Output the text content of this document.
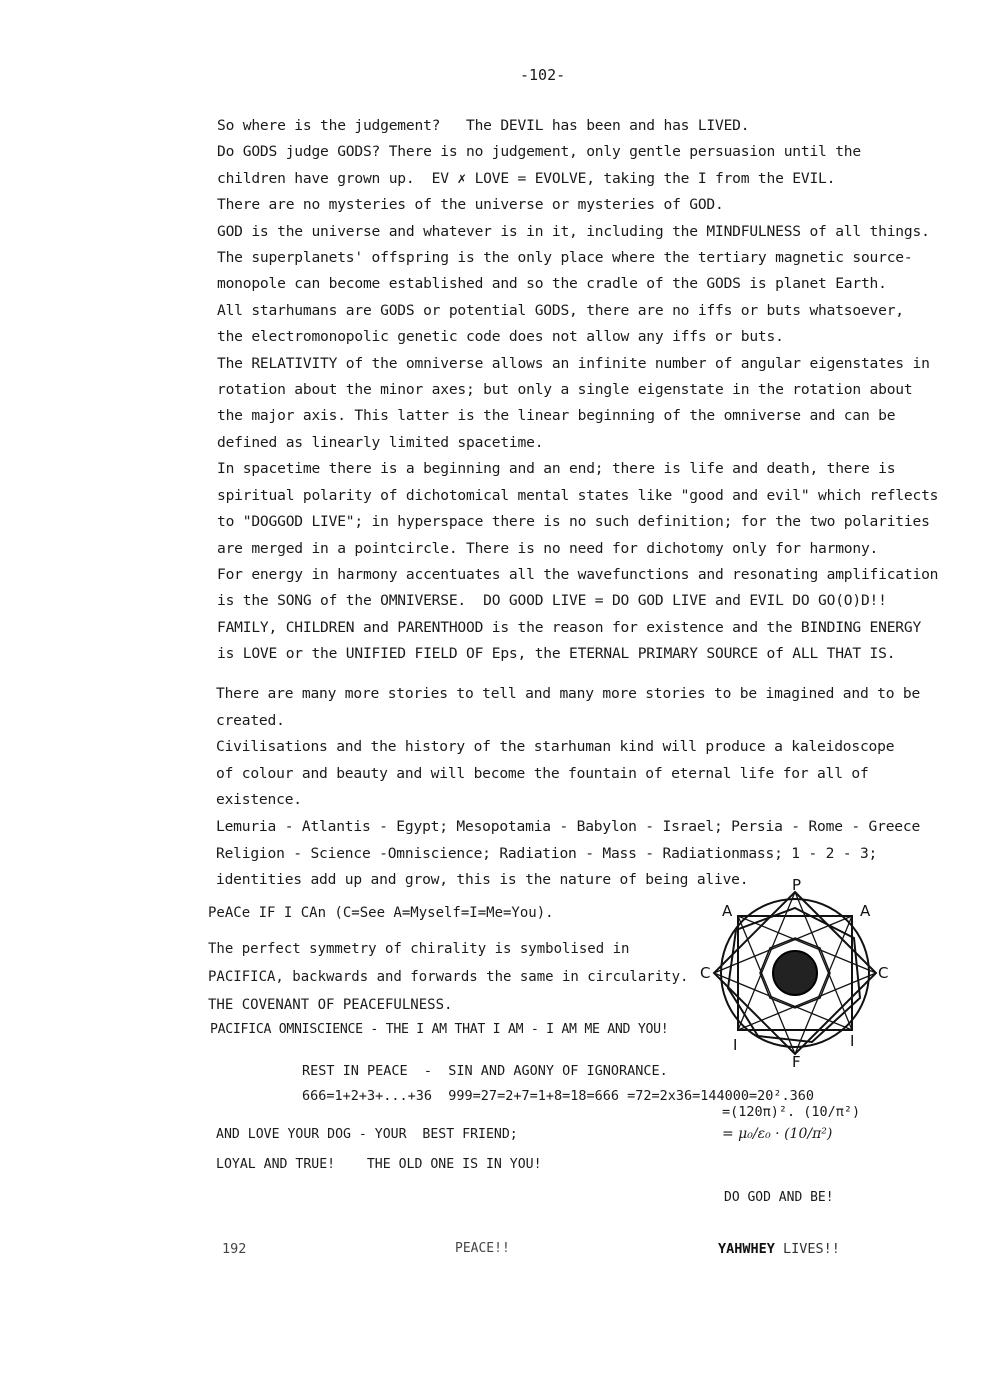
-102-
So where is the judgement?   The DEVIL has been and has LIVED.
Do GODS judge GODS? There is no judgement, only gentle persuasion until the
children have grown up.  EV ✗ LOVE = EVOLVE, taking the I from the EVIL.
There are no mysteries of the universe or mysteries of GOD.
GOD is the universe and whatever is in it, including the MINDFULNESS of all things.
The superplanets' offspring is the only place where the tertiary magnetic source-
monopole can become established and so the cradle of the GODS is planet Earth.
All starhumans are GODS or potential GODS, there are no iffs or buts whatsoever,
the electromonopolic genetic code does not allow any iffs or buts.
The RELATIVITY of the omniverse allows an infinite number of angular eigenstates in
rotation about the minor axes; but only a single eigenstate in the rotation about
the major axis. This latter is the linear beginning of the omniverse and can be
defined as linearly limited spacetime.
In spacetime there is a beginning and an end; there is life and death, there is
spiritual polarity of dichotomical mental states like "good and evil" which reflects
to "DOGGOD LIVE"; in hyperspace there is no such definition; for the two polarities
are merged in a pointcircle. There is no need for dichotomy only for harmony.
For energy in harmony accentuates all the wavefunctions and resonating amplification
is the SONG of the OMNIVERSE.  DO GOOD LIVE = DO GOD LIVE and EVIL DO GO(O)D!!
FAMILY, CHILDREN and PARENTHOOD is the reason for existence and the BINDING ENERGY
is LOVE or the UNIFIED FIELD OF Eps, the ETERNAL PRIMARY SOURCE of ALL THAT IS.
There are many more stories to tell and many more stories to be imagined and to be
created.
Civilisations and the history of the starhuman kind will produce a kaleidoscope
of colour and beauty and will become the fountain of eternal life for all of
existence.
Lemuria - Atlantis - Egypt; Mesopotamia - Babylon - Israel; Persia - Rome - Greece
Religion - Science -Omniscience; Radiation - Mass - Radiationmass; 1 - 2 - 3;
identities add up and grow, this is the nature of being alive.
PeACe IF I CAn (C=See A=Myself=I=Me=You).
The perfect symmetry of chirality is symbolised in
PACIFICA, backwards and forwards the same in circularity.
THE COVENANT OF PEACEFULNESS.
PACIFICA OMNISCIENCE - THE I AM THAT I AM - I AM ME AND YOU!
REST IN PEACE  -  SIN AND AGONY OF IGNORANCE.
666=1+2+3+...+36  999=27=2+7=1+8=18=666 =72=2x36=144000=20².360
=(120π)². (10/π²)
= μ₀/ε₀ · (10/π²)
AND LOVE YOUR DOG - YOUR  BEST FRIEND;
LOYAL AND TRUE!    THE OLD ONE IS IN YOU!
DO GOD AND BE!
P
A	A
C	C
F
I	I
192	PEACE!!	YAHWHEY LIVES!!
